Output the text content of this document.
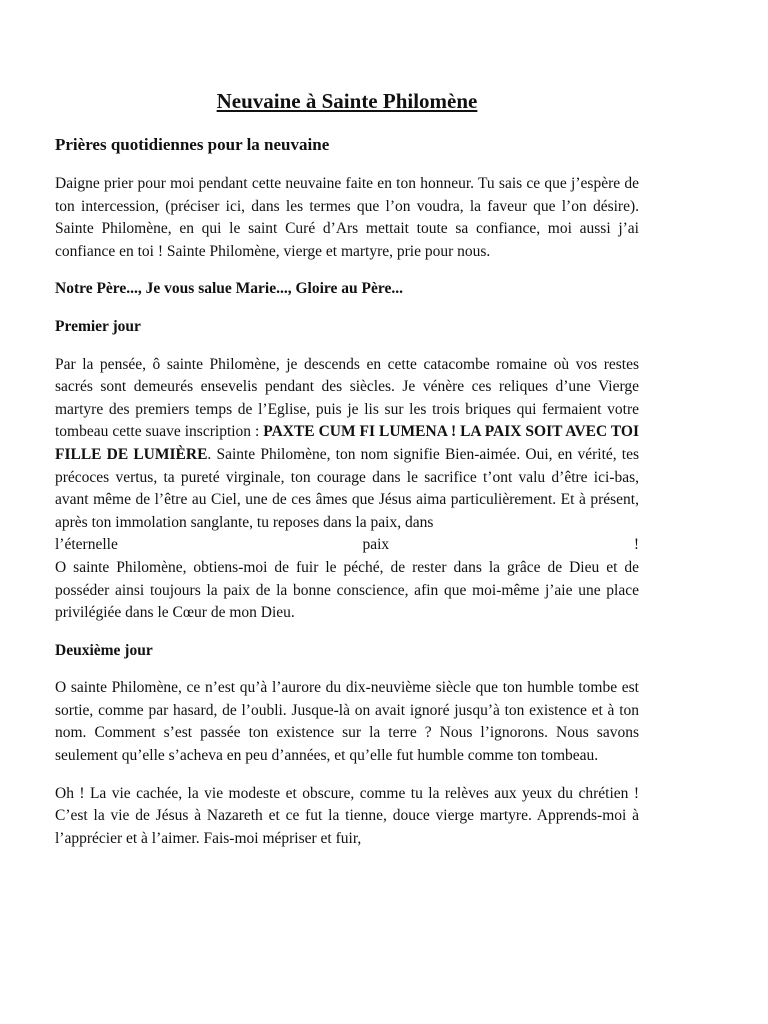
Neuvaine à Sainte Philomène
Prières quotidiennes pour la neuvaine
Daigne prier pour moi pendant cette neuvaine faite en ton honneur. Tu sais ce que j’espère de ton intercession, (préciser ici, dans les termes que l’on voudra, la faveur que l’on désire). Sainte Philomène, en qui le saint Curé d’Ars mettait toute sa confiance, moi aussi j’ai confiance en toi ! Sainte Philomène, vierge et martyre, prie pour nous.
Notre Père..., Je vous salue Marie..., Gloire au Père...
Premier jour
Par la pensée, ô sainte Philomène, je descends en cette catacombe romaine où vos restes sacrés sont demeurés ensevelis pendant des siècles. Je vénère ces reliques d’une Vierge martyre des premiers temps de l’Eglise, puis je lis sur les trois briques qui fermaient votre tombeau cette suave inscription : PAXTE CUM FI LUMENA ! LA PAIX SOIT AVEC TOI FILLE DE LUMIÈRE. Sainte Philomène, ton nom signifie Bien-aimée. Oui, en vérité, tes précoces vertus, ta pureté virginale, ton courage dans le sacrifice t’ont valu d’être ici-bas, avant même de l’être au Ciel, une de ces âmes que Jésus aima particulièrement. Et à présent, après ton immolation sanglante, tu reposes dans la paix, dans
l’éternelle paix !
O sainte Philomène, obtiens-moi de fuir le péché, de rester dans la grâce de Dieu et de posséder ainsi toujours la paix de la bonne conscience, afin que moi-même j’aie une place privilégiée dans le Cœur de mon Dieu.
Deuxième jour
O sainte Philomène, ce n’est qu’à l’aurore du dix-neuvième siècle que ton humble tombe est sortie, comme par hasard, de l’oubli. Jusque-là on avait ignoré jusqu’à ton existence et à ton nom. Comment s’est passée ton existence sur la terre ? Nous l’ignorons. Nous savons seulement qu’elle s’acheva en peu d’années, et qu’elle fut humble comme ton tombeau.
Oh ! La vie cachée, la vie modeste et obscure, comme tu la relèves aux yeux du chrétien ! C’est la vie de Jésus à Nazareth et ce fut la tienne, douce vierge martyre. Apprends-moi à l’apprécier et à l’aimer. Fais-moi mépriser et fuir,
